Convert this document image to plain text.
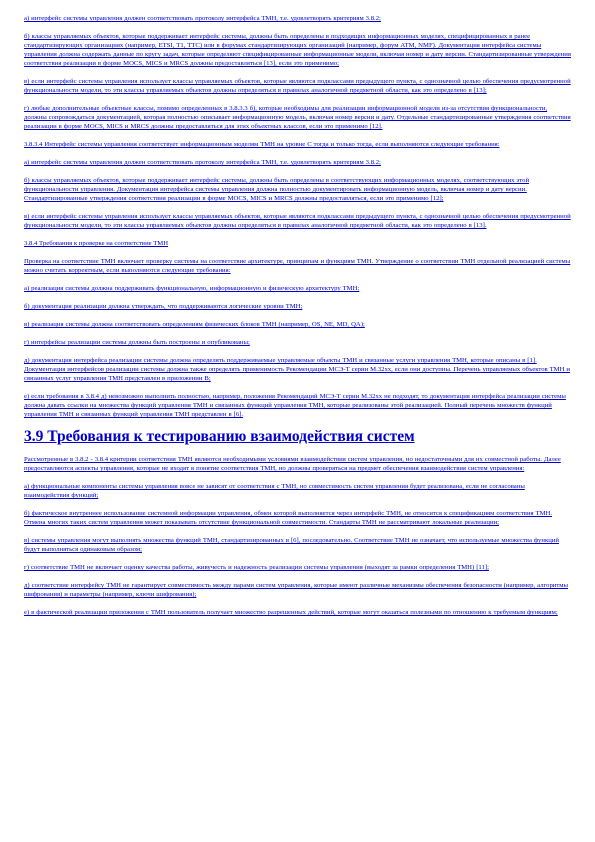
а) интерфейс системы управления должен соответствовать протоколу интерфейса ТМН, т.е. удовлетворять критериям 3.8.2;

б) классы управляемых объектов, которые поддерживает интерфейс системы, должны быть определены в подходящих информационных моделях, специфицированных в ранее стандартизирующих организациях (например, ETSI, T1, TTC) или в форумах стандартизирующих организаций (например, форум ATM, NMF). Документация интерфейса системы управления должна содержать данные по кругу задач, которые определяют специфицированные информационные модели, включая номер и дату версии. Стандартизированные утверждения соответствия реализации в форме MOCS, MICS и MRCS должны предоставляться [13], если это применимо;

в) если интерфейс системы управления использует классы управляемых объектов, которые являются подклассами предыдущего пункта, с однозначной целью обеспечения предусмотренной функциональности модели, то эти классы управляемых объектов должны определяться в правилах аналогичной предметной области, как это определено в [13];

г) любые дополнительные объектные классы, помимо определенных в 3.8.3.3 б), которые необходимы для реализации информационной модели из-за отсутствия функциональности, должны сопровождаться документацией, которая полностью описывает информационную модель, включая номер версии и дату. Отдельные стандартизированные утверждения соответствия реализации в форме MOCS, MICS и MRCS должны предоставляться для этих объектных классов, если это применимо [12].

3.8.3.4 Интерфейс системы управления соответствует информационным моделям ТМН на уровне С тогда и только тогда, если выполняются следующие требования:

а) интерфейс системы управления должен соответствовать протоколу интерфейса ТМН, т.е. удовлетворять критериям 3.8.2;

б) классы управляемых объектов, которые поддерживает интерфейс системы, должны быть определены в соответствующих информационных моделях, соответствующих этой функциональности управления. Документация интерфейса системы управления должна полностью документировать информационную модель, включая номер и дату версии. Стандартизированные утверждения соответствия реализации в форме MOCS, MICS и MRCS должны предоставляться, если это применимо [12];

в) если интерфейс системы управления использует классы управляемых объектов, которые являются подклассами предыдущего пункта, с однозначной целью обеспечения предусмотренной функциональности модели, то эти классы управляемых объектов должны определяться в правилах аналогичной предметной области, как это определено в [13].

3.8.4 Требования к проверке на соответствие ТМН

Проверка на соответствие ТМН включает проверку системы на соответствие архитектуре, принципам и функциям ТМН. Утверждение о соответствии ТМН отдельной реализацией системы можно считать корректным, если выполняются следующие требования:

а) реализация системы должна поддерживать функциональную, информационную и физическую архитектуру ТМН;

б) документация реализации должна утверждать, что поддерживаются логические уровни ТМН;

в) реализация системы должна соответствовать определениям физических блоков ТМН (например, OS, NE, MD, QA);

г) интерфейсы реализации системы должны быть построены и опубликованы;

д) документация интерфейса реализации системы должна определять поддерживаемые управляемые объекты ТМН и связанные услуги управления ТМН, которые описаны в [1]. Документация интерфейсов реализации системы должна также определять применимость Рекомендации МСЭ-Т серии M.32хх, если они доступны. Перечень управляемых объектов ТМН и связанных услуг управления ТМН представлен в приложении В;

е) если требования в 3.8.4 д) невозможно выполнить полностью, например, положения Рекомендаций МСЭ-Т серии M.32хх не подходят, то документация интерфейса реализации системы должна давать ссылки на множества функций управления ТМН и связанных функций управления ТМН, которые реализованы этой реализацией. Полный перечень множеств функций управления ТМН и связанных функций управления ТМН представлен в [6].

3.9 Требования к тестированию взаимодействия систем

Рассмотренные в 3.8.2 - 3.8.4 критерии соответствия ТМН являются необходимыми условиями взаимодействия систем управления, но недостаточными для их совместной работы. Далее предоставляются аспекты управления, которые не входят в понятие соответствия ТМН, но должны проверяться на предмет обеспечения взаимодействия систем управления:

а) функциональные компоненты системы управления вовсе не зависят от соответствия с ТМН, но совместимость систем управления будет реализована, если не согласованы взаимодействия функций;

б) фактическое внутреннее использование системной информации управления, обмен которой выполняется через интерфейс ТМН, не относится к спецификациям соответствия ТМН. Отмена многих таких систем управления может показывать отсутствие функциональной совместимости. Стандарты ТМН не рассматривают локальные реализации;

в) системы управления могут выполнять множества функций ТМН, стандартизированных в [6], последовательно. Соответствие ТМН не означает, что используемые множества функций будут выполняться одинаковым образом;

г) соответствие ТМН не включает оценку качества работы, живучесть и надежность реализации системы управления (выходят за рамки определения ТМН) [11];

д) соответствие интерфейсу ТМН не гарантирует совместимость между парами систем управления, которые имеют различные механизмы обеспечения безопасности (например, алгоритмы шифрования) и параметры (например, ключи шифрования);

е) в фактической реализации приложения с ТМН пользователь получает множество разрешенных действий, которые могут оказаться полезными по отношению к требуемым функциям;
